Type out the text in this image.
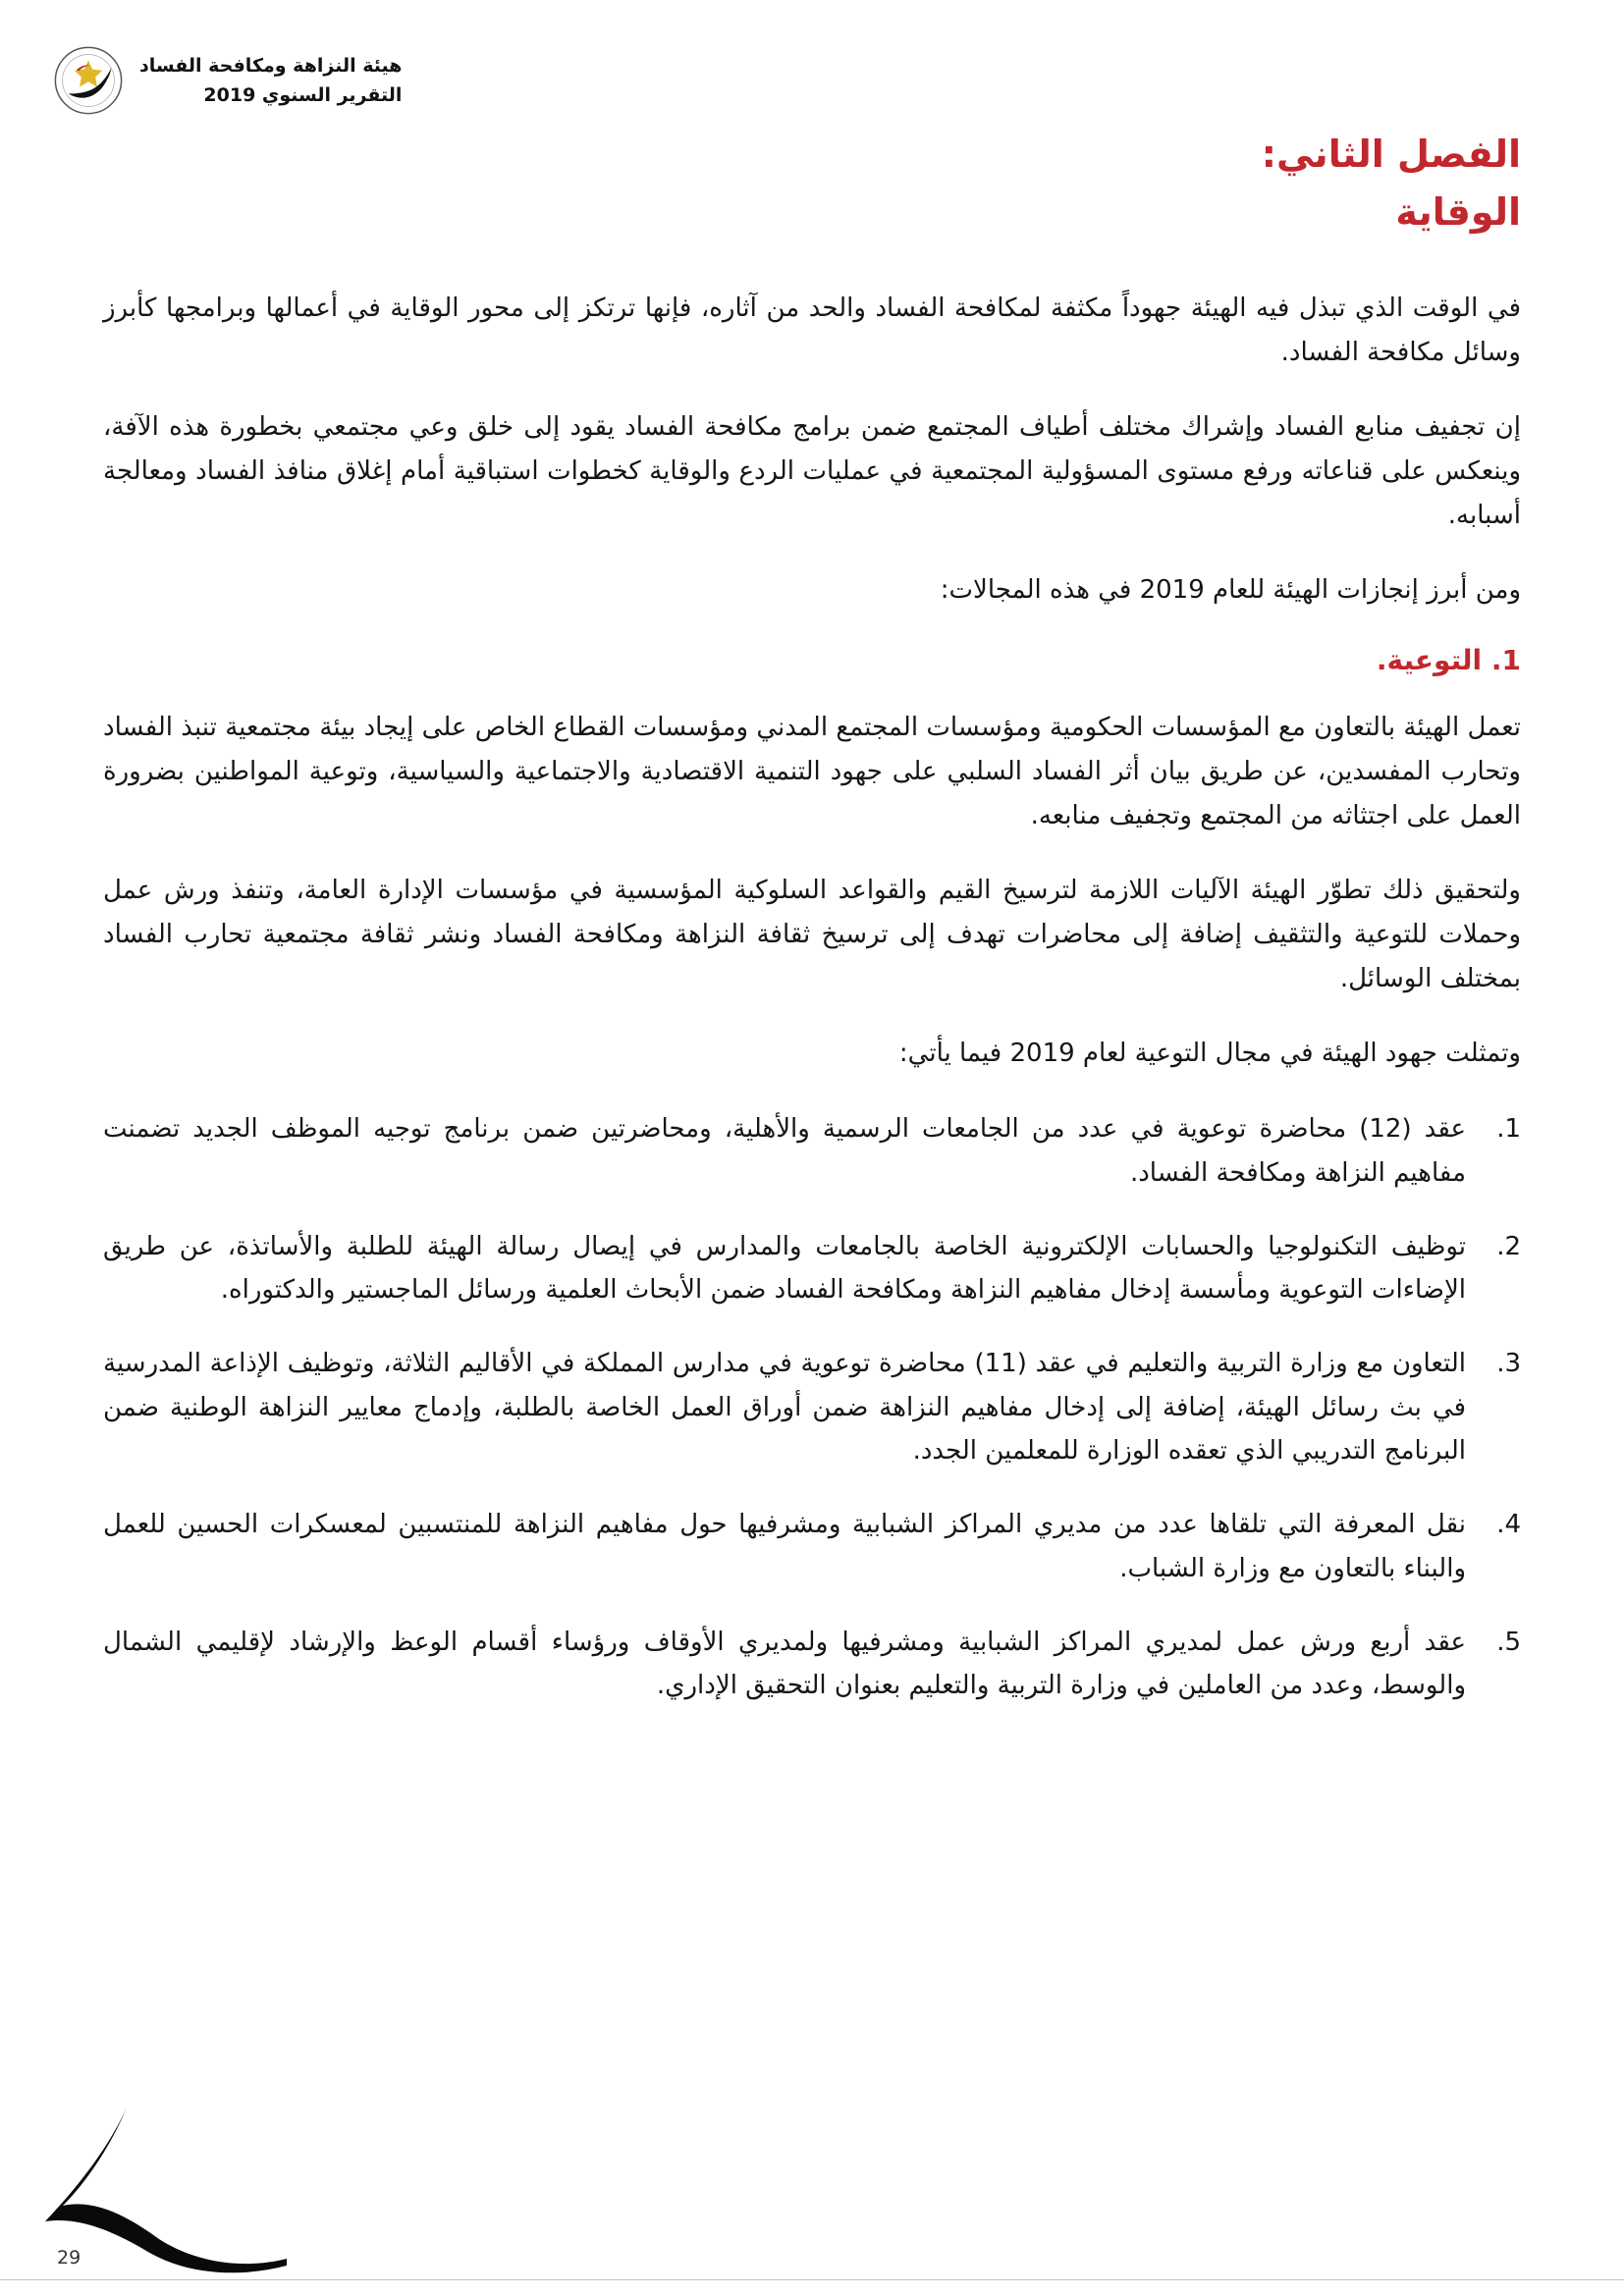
هيئة النزاهة ومكافحة الفساد
التقرير السنوي 2019
الفصل الثاني:
الوقاية

في الوقت الذي تبذل فيه الهيئة جهوداً مكثفة لمكافحة الفساد والحد من آثاره، فإنها ترتكز إلى محور الوقاية في أعمالها وبرامجها كأبرز وسائل مكافحة الفساد.

إن تجفيف منابع الفساد وإشراك مختلف أطياف المجتمع ضمن برامج مكافحة الفساد يقود إلى خلق وعي مجتمعي بخطورة هذه الآفة، وينعكس على قناعاته ورفع مستوى المسؤولية المجتمعية في عمليات الردع والوقاية كخطوات استباقية أمام إغلاق منافذ الفساد ومعالجة أسبابه.

ومن أبرز إنجازات الهيئة للعام 2019 في هذه المجالات:

1. التوعية.

تعمل الهيئة بالتعاون مع المؤسسات الحكومية ومؤسسات المجتمع المدني ومؤسسات القطاع الخاص على إيجاد بيئة مجتمعية تنبذ الفساد وتحارب المفسدين، عن طريق بيان أثر الفساد السلبي على جهود التنمية الاقتصادية والاجتماعية والسياسية، وتوعية المواطنين بضرورة العمل على اجتثاثه من المجتمع وتجفيف منابعه.

ولتحقيق ذلك تطوّر الهيئة الآليات اللازمة لترسيخ القيم والقواعد السلوكية المؤسسية في مؤسسات الإدارة العامة، وتنفذ ورش عمل وحملات للتوعية والتثقيف إضافة إلى محاضرات تهدف إلى ترسيخ ثقافة النزاهة ومكافحة الفساد ونشر ثقافة مجتمعية تحارب الفساد بمختلف الوسائل.

وتمثلت جهود الهيئة في مجال التوعية لعام 2019 فيما يأتي:

1.
عقد (12) محاضرة توعوية في عدد من الجامعات الرسمية والأهلية، ومحاضرتين ضمن برنامج توجيه الموظف الجديد تضمنت مفاهيم النزاهة ومكافحة الفساد.
2.
توظيف التكنولوجيا والحسابات الإلكترونية الخاصة بالجامعات والمدارس في إيصال رسالة الهيئة للطلبة والأساتذة، عن طريق الإضاءات التوعوية ومأسسة إدخال مفاهيم النزاهة ومكافحة الفساد ضمن الأبحاث العلمية ورسائل الماجستير والدكتوراه.
3.
التعاون مع وزارة التربية والتعليم في عقد (11) محاضرة توعوية في مدارس المملكة في الأقاليم الثلاثة، وتوظيف الإذاعة المدرسية في بث رسائل الهيئة، إضافة إلى إدخال مفاهيم النزاهة ضمن أوراق العمل الخاصة بالطلبة، وإدماج معايير النزاهة الوطنية ضمن البرنامج التدريبي الذي تعقده الوزارة للمعلمين الجدد.
4.
نقل المعرفة التي تلقاها عدد من مديري المراكز الشبابية ومشرفيها حول مفاهيم النزاهة للمنتسبين لمعسكرات الحسين للعمل والبناء بالتعاون مع وزارة الشباب.
5.
عقد أربع ورش عمل لمديري المراكز الشبابية ومشرفيها ولمديري الأوقاف ورؤساء أقسام الوعظ والإرشاد لإقليمي الشمال والوسط، وعدد من العاملين في وزارة التربية والتعليم بعنوان التحقيق الإداري.
29
